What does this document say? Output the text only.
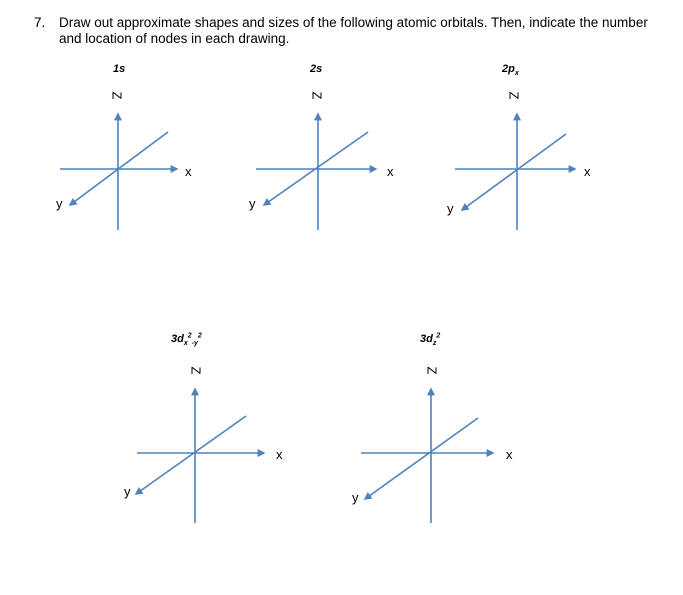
7. Draw out approximate shapes and sizes of the following atomic orbitals. Then, indicate the number and location of nodes in each drawing.
1s	2s	$2p_x$
$3d_x^2_{-y}^2$	$3d_z^2$
Z	Z	Z
Z	Z
x	x	x
x	x
y	y	y
y	y
